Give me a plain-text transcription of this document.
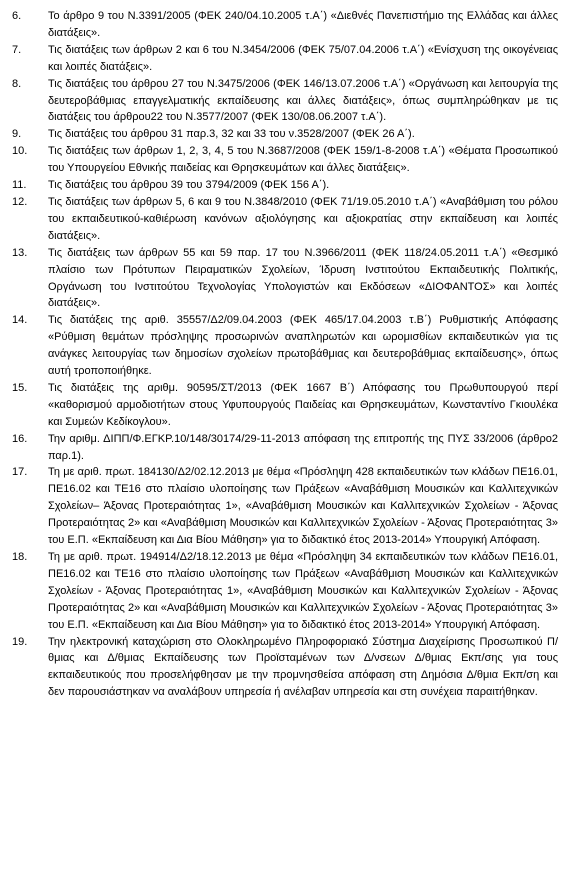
6.	Το άρθρο 9 του Ν.3391/2005 (ΦΕΚ 240/04.10.2005 τ.Α΄) «Διεθνές Πανεπιστήμιο της Ελλάδας και άλλες διατάξεις».
7.	Τις διατάξεις των άρθρων 2 και 6 του Ν.3454/2006 (ΦΕΚ 75/07.04.2006 τ.Α΄) «Ενίσχυση της οικογένειας και λοιπές διατάξεις».
8.	Τις διατάξεις του άρθρου 27 του Ν.3475/2006 (ΦΕΚ 146/13.07.2006 τ.Α΄) «Οργάνωση και λειτουργία της δευτεροβάθμιας επαγγελματικής εκπαίδευσης και άλλες διατάξεις», όπως συμπληρώθηκαν με τις διατάξεις του άρθρου22 του Ν.3577/2007 (ΦΕΚ 130/08.06.2007 τ.Α΄).
9.	Τις διατάξεις του άρθρου 31 παρ.3, 32 και 33 του ν.3528/2007 (ΦΕΚ 26 Α΄).
10.	Τις διατάξεις των άρθρων 1, 2, 3, 4, 5 του Ν.3687/2008 (ΦΕΚ 159/1-8-2008 τ.Α΄) «Θέματα Προσωπικού του Υπουργείου Εθνικής παιδείας και Θρησκευμάτων και άλλες διατάξεις».
11.	Τις διατάξεις του άρθρου 39 του 3794/2009 (ΦΕΚ 156 Α΄).
12.	Τις διατάξεις των άρθρων 5, 6 και 9 του Ν.3848/2010 (ΦΕΚ 71/19.05.2010 τ.Α΄) «Αναβάθμιση του ρόλου του εκπαιδευτικού-καθιέρωση κανόνων αξιολόγησης και αξιοκρατίας στην εκπαίδευση και λοιπές διατάξεις».
13.	Τις διατάξεις των άρθρων 55 και 59 παρ. 17 του Ν.3966/2011 (ΦΕΚ 118/24.05.2011 τ.Α΄) «Θεσμικό πλαίσιο των Πρότυπων Πειραματικών Σχολείων, Ίδρυση Ινστιτούτου Εκπαιδευτικής Πολιτικής, Οργάνωση του Ινστιτούτου Τεχνολογίας Υπολογιστών και Εκδόσεων «ΔΙΟΦΑΝΤΟΣ» και λοιπές διατάξεις».
14.	Τις διατάξεις της αριθ. 35557/Δ2/09.04.2003 (ΦΕΚ 465/17.04.2003 τ.Β΄) Ρυθμιστικής Απόφασης «Ρύθμιση θεμάτων πρόσληψης προσωρινών αναπληρωτών και ωρομισθίων εκπαιδευτικών για τις ανάγκες λειτουργίας των δημοσίων σχολείων πρωτοβάθμιας και δευτεροβάθμιας εκπαίδευσης», όπως αυτή τροποποιήθηκε.
15.	Τις διατάξεις της αριθμ. 90595/ΣΤ/2013 (ΦΕΚ 1667 Β΄) Απόφασης του Πρωθυπουργού περί «καθορισμού αρμοδιοτήτων στους Υφυπουργούς Παιδείας και Θρησκευμάτων, Κωνσταντίνο Γκιουλέκα και Συμεών Κεδίκογλου».
16.	Την αριθμ. ΔΙΠΠ/Φ.ΕΓΚΡ.10/148/30174/29-11-2013 απόφαση της επιτροπής της ΠΥΣ 33/2006 (άρθρο2 παρ.1).
17.	Τη με αριθ. πρωτ. 184130/Δ2/02.12.2013 με θέμα «Πρόσληψη 428 εκπαιδευτικών των κλάδων ΠΕ16.01, ΠΕ16.02 και ΤΕ16 στο πλαίσιο υλοποίησης των Πράξεων «Αναβάθμιση Μουσικών και Καλλιτεχνικών Σχολείων– Άξονας Προτεραιότητας 1», «Αναβάθμιση Μουσικών και Καλλιτεχνικών Σχολείων - Άξονας Προτεραιότητας 2» και «Αναβάθμιση Μουσικών και Καλλιτεχνικών Σχολείων - Άξονας Προτεραιότητας 3» του Ε.Π. «Εκπαίδευση και Δια Βίου Μάθηση» για το διδακτικό έτος 2013-2014» Υπουργική Απόφαση.
18.	Τη με αριθ. πρωτ. 194914/Δ2/18.12.2013 με θέμα «Πρόσληψη 34 εκπαιδευτικών των κλάδων ΠΕ16.01, ΠΕ16.02 και ΤΕ16 στο πλαίσιο υλοποίησης των Πράξεων «Αναβάθμιση Μουσικών και Καλλιτεχνικών Σχολείων - Άξονας Προτεραιότητας 1», «Αναβάθμιση Μουσικών και Καλλιτεχνικών Σχολείων - Άξονας Προτεραιότητας 2» και «Αναβάθμιση Μουσικών και Καλλιτεχνικών Σχολείων - Άξονας Προτεραιότητας 3» του Ε.Π. «Εκπαίδευση και Δια Βίου Μάθηση» για το διδακτικό έτος 2013-2014» Υπουργική Απόφαση.
19.	Την ηλεκτρονική καταχώριση στο Ολοκληρωμένο Πληροφοριακό Σύστημα Διαχείρισης Προσωπικού Π/θμιας και Δ/θμιας Εκπαίδευσης των Προϊσταμένων των Δ/νσεων Δ/θμιας Εκπ/σης για τους εκπαιδευτικούς που προσελήφθησαν με την προμνησθείσα απόφαση στη Δημόσια Δ/θμια Εκπ/ση και δεν παρουσιάστηκαν να αναλάβουν υπηρεσία ή ανέλαβαν υπηρεσία και στη συνέχεια παραιτήθηκαν.
